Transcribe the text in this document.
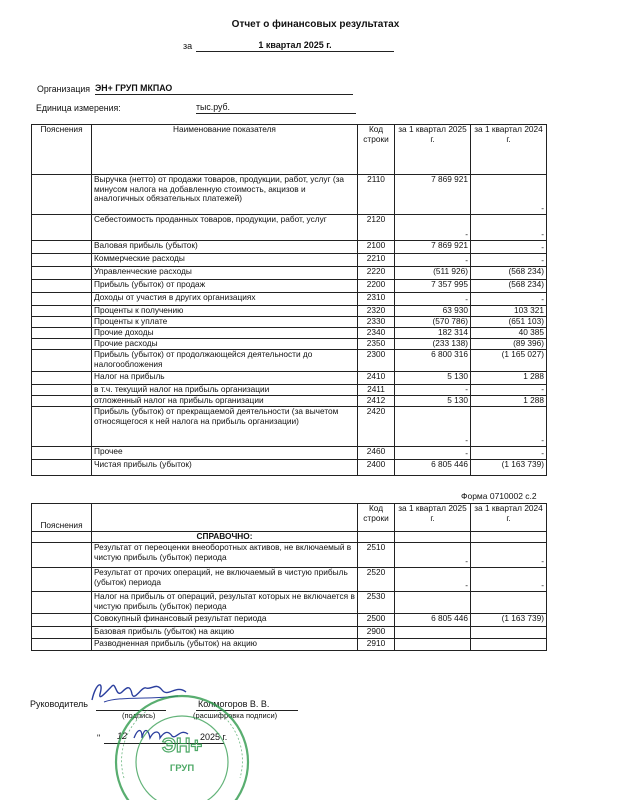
Отчет о финансовых результатах
за	1 квартал 2025 г.
Организация ЭН+ ГРУП МКПАО
Единица измерения:	тыс.руб.
Пояснения	Наименование показателя	Код строки	за 1 квартал 2025 г.	за 1 квартал 2024 г.
	Выручка (нетто) от продажи товаров, продукции, работ, услуг (за минусом налога на добавленную стоимость, акцизов и аналогичных обязательных платежей)	2110	7 869 921	-
	Себестоимость проданных товаров, продукции, работ, услуг	2120	-	-
	Валовая прибыль (убыток)	2100	7 869 921	-
	Коммерческие расходы	2210	-	-
	Управленческие расходы	2220	(511 926)	(568 234)
	Прибыль (убыток) от продаж	2200	7 357 995	(568 234)
	Доходы от участия в других организациях	2310	-	-
	Проценты к получению	2320	63 930	103 321
	Проценты к уплате	2330	(570 786)	(651 103)
	Прочие доходы	2340	182 314	40 385
	Прочие расходы	2350	(233 138)	(89 396)
	Прибыль (убыток) от продолжающейся деятельности до налогообложения	2300	6 800 316	(1 165 027)
	Налог на прибыль	2410	5 130	1 288
	в т.ч. текущий налог на прибыль организации	2411	-	-
	отложенный налог на прибыль организации	2412	5 130	1 288
	Прибыль (убыток) от прекращаемой деятельности (за вычетом относящегося к ней налога на прибыль организации)	2420	-	-
	Прочее	2460	-	-
	Чистая прибыль (убыток)	2400	6 805 446	(1 163 739)
Форма 0710002 с.2
Пояснения		Код строки	за 1 квартал 2025 г.	за 1 квартал 2024 г.
	СПРАВОЧНО:			
	Результат от переоценки внеоборотных активов, не включаемый в чистую прибыль (убыток) периода	2510	-	-
	Результат от прочих операций, не включаемый в чистую прибыль (убыток) периода	2520	-	-
	Налог на прибыль от операций, результат которых не включается в чистую прибыль (убыток) периода	2530		
	Совокупный финансовый результат периода	2500	6 805 446	(1 163 739)
	Базовая прибыль (убыток) на акцию	2900		
	Разводненная прибыль (убыток) на акцию	2910		
Руководитель	Колмогоров В. В.
(подпись)	(расшифровка подписи)
" 12	2025 г.
ЭН+
ГРУП
